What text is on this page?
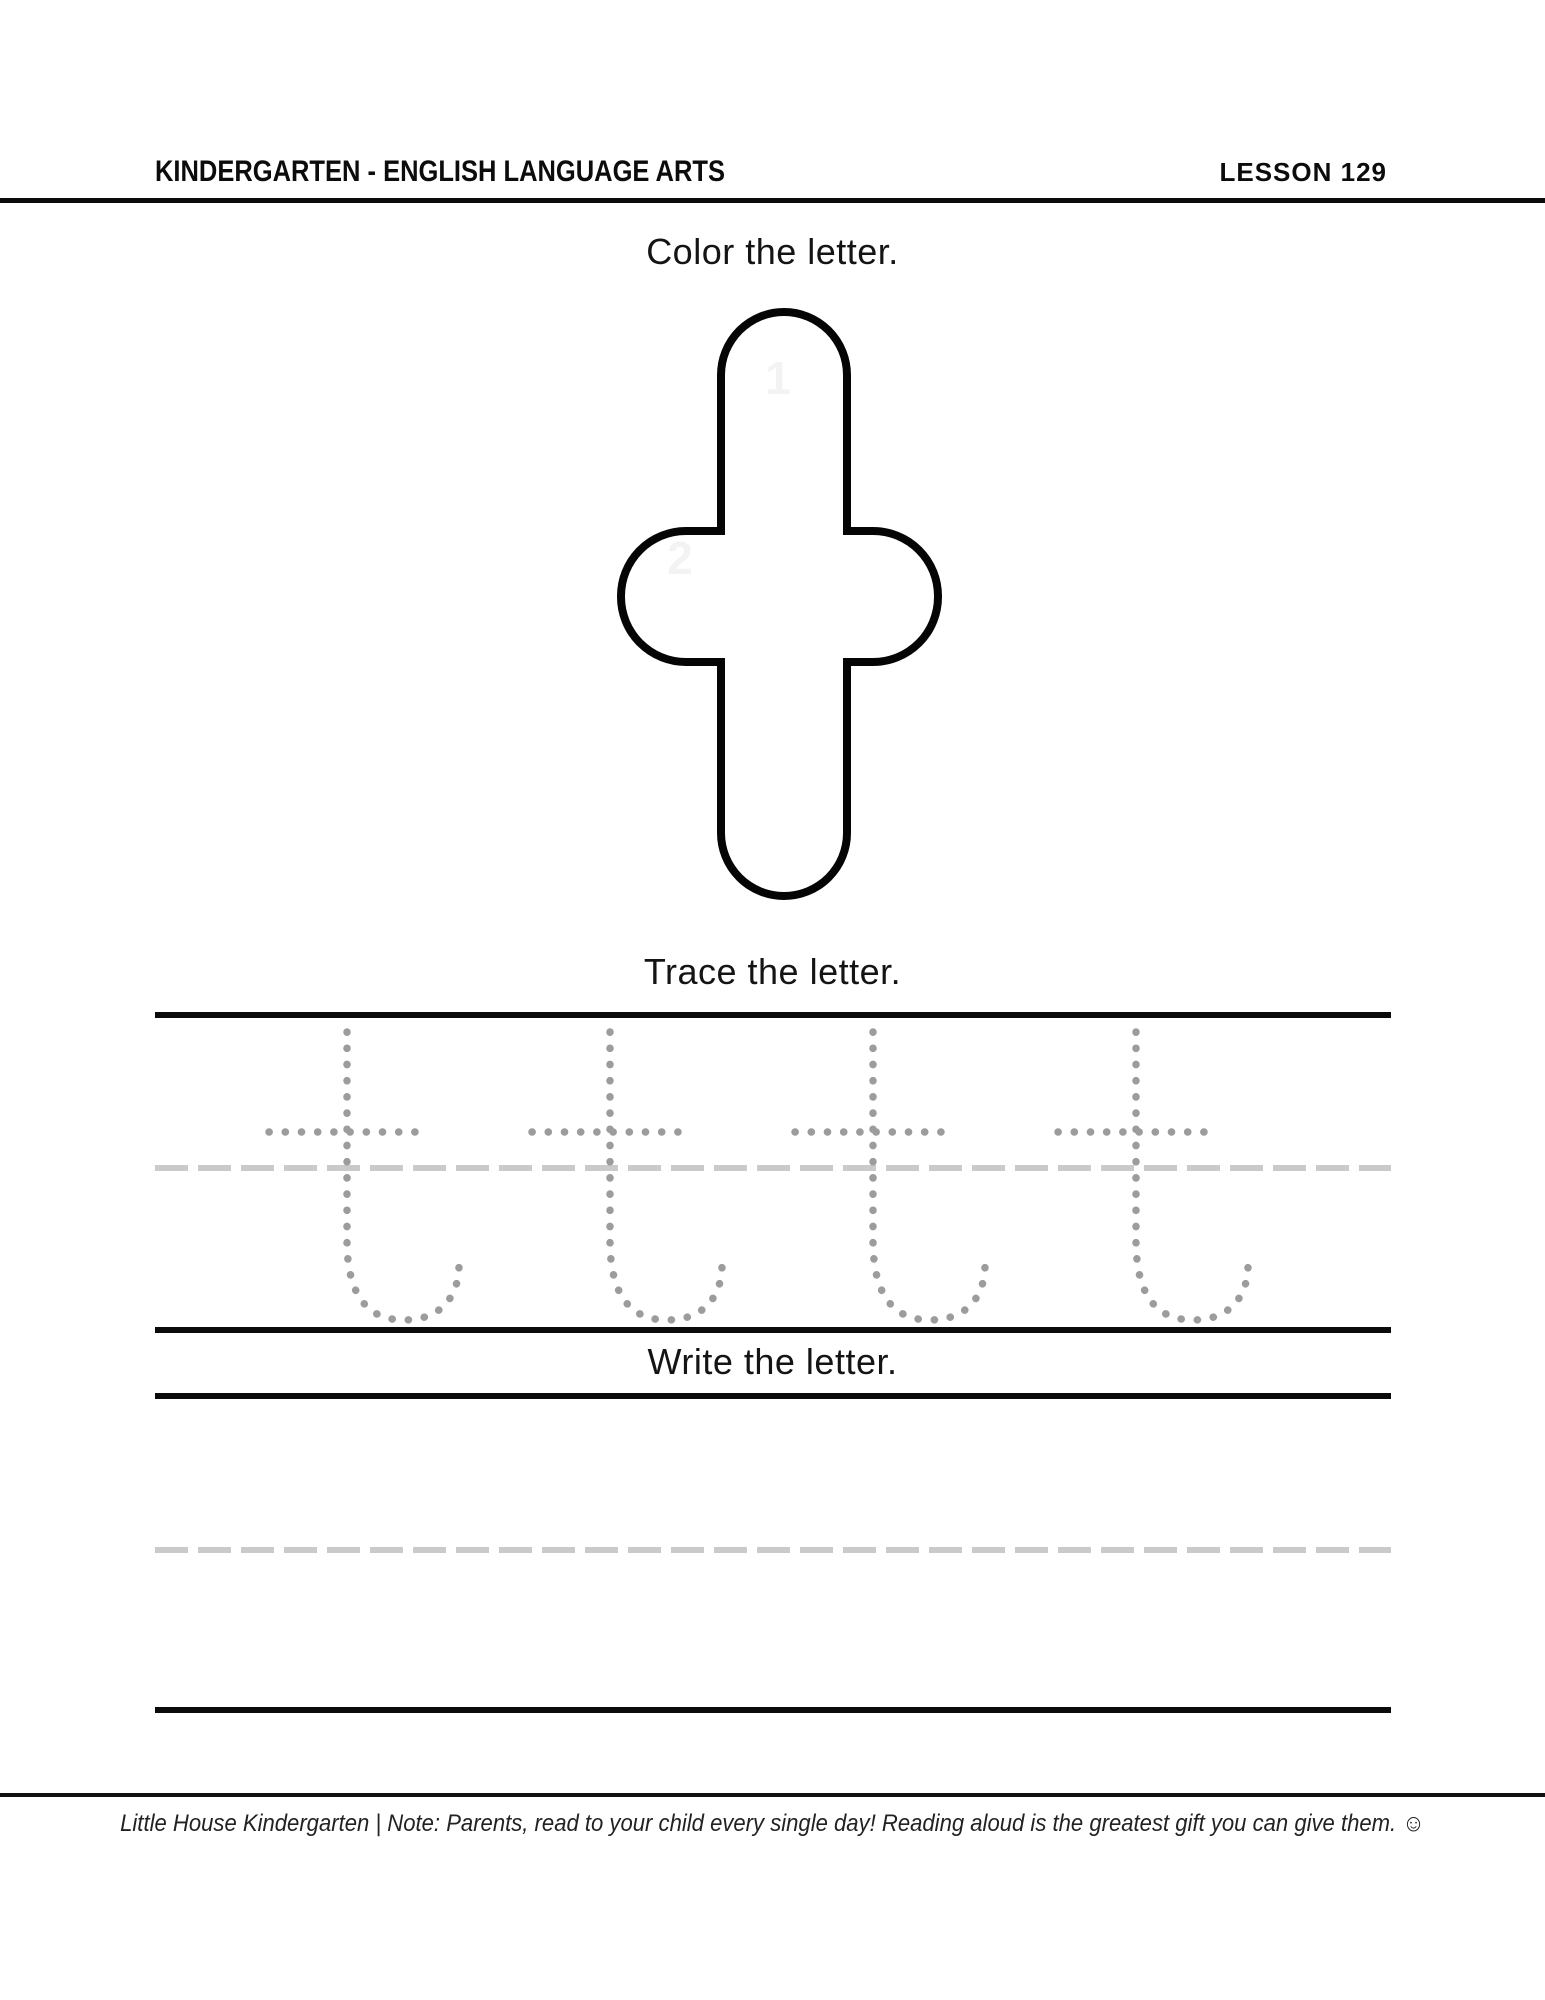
KINDERGARTEN - ENGLISH LANGUAGE ARTS	LESSON 129
Color the letter.
1
2
Trace the letter.
Write the letter.
Little House Kindergarten | Note: Parents, read to your child every single day! Reading aloud is the greatest gift you can give them. ☺
